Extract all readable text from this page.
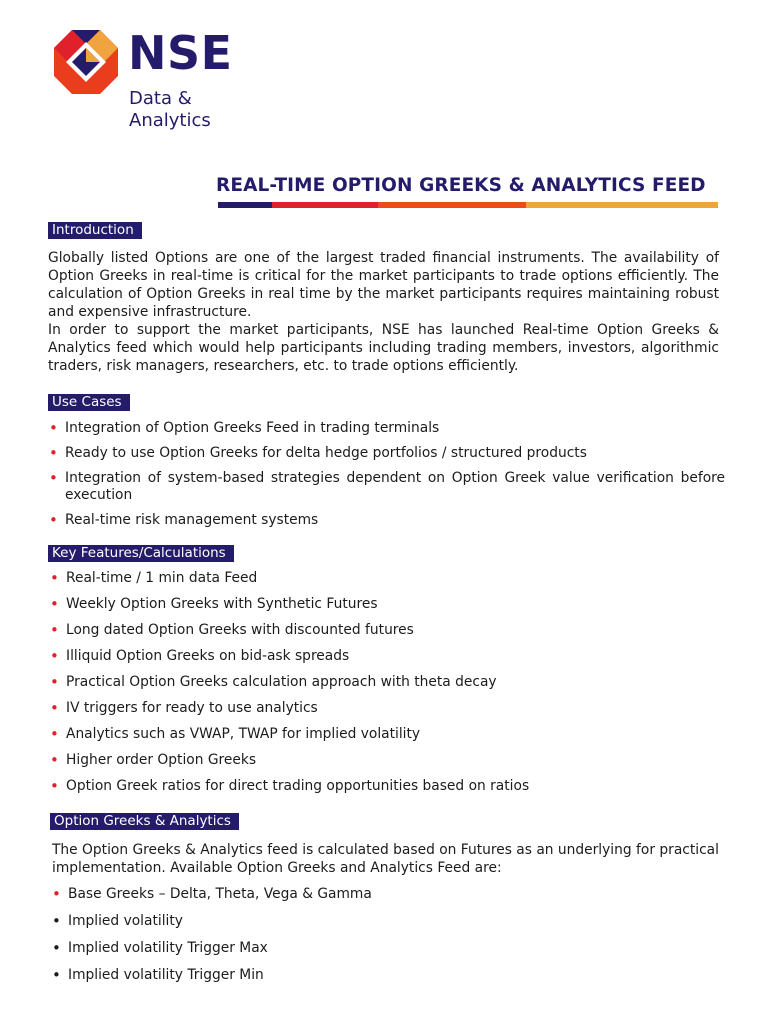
NSE
Data &
Analytics
REAL-TIME OPTION GREEKS & ANALYTICS FEED
Introduction

Globally listed Options are one of the largest traded financial instruments. The availability of Option Greeks in real-time is critical for the market participants to trade options efficiently. The calculation of Option Greeks in real time by the market participants requires maintaining robust and expensive infrastructure.

In order to support the market participants, NSE has launched Real-time Option Greeks & Analytics feed which would help participants including trading members, investors, algorithmic traders, risk managers, researchers, etc. to trade options efficiently.

Use Cases
• Integration of Option Greeks Feed in trading terminals
• Ready to use Option Greeks for delta hedge portfolios / structured products
• Integration of system-based strategies dependent on Option Greek value verification before execution
• Real-time risk management systems
Key Features/Calculations
• Real-time / 1 min data Feed
• Weekly Option Greeks with Synthetic Futures
• Long dated Option Greeks with discounted futures
• Illiquid Option Greeks on bid-ask spreads
• Practical Option Greeks calculation approach with theta decay
• IV triggers for ready to use analytics
• Analytics such as VWAP, TWAP for implied volatility
• Higher order Option Greeks
• Option Greek ratios for direct trading opportunities based on ratios
Option Greeks & Analytics
The Option Greeks & Analytics feed is calculated based on Futures as an underlying for practical implementation. Available Option Greeks and Analytics Feed are:
• Base Greeks – Delta, Theta, Vega & Gamma
• Implied volatility
• Implied volatility Trigger Max
• Implied volatility Trigger Min
